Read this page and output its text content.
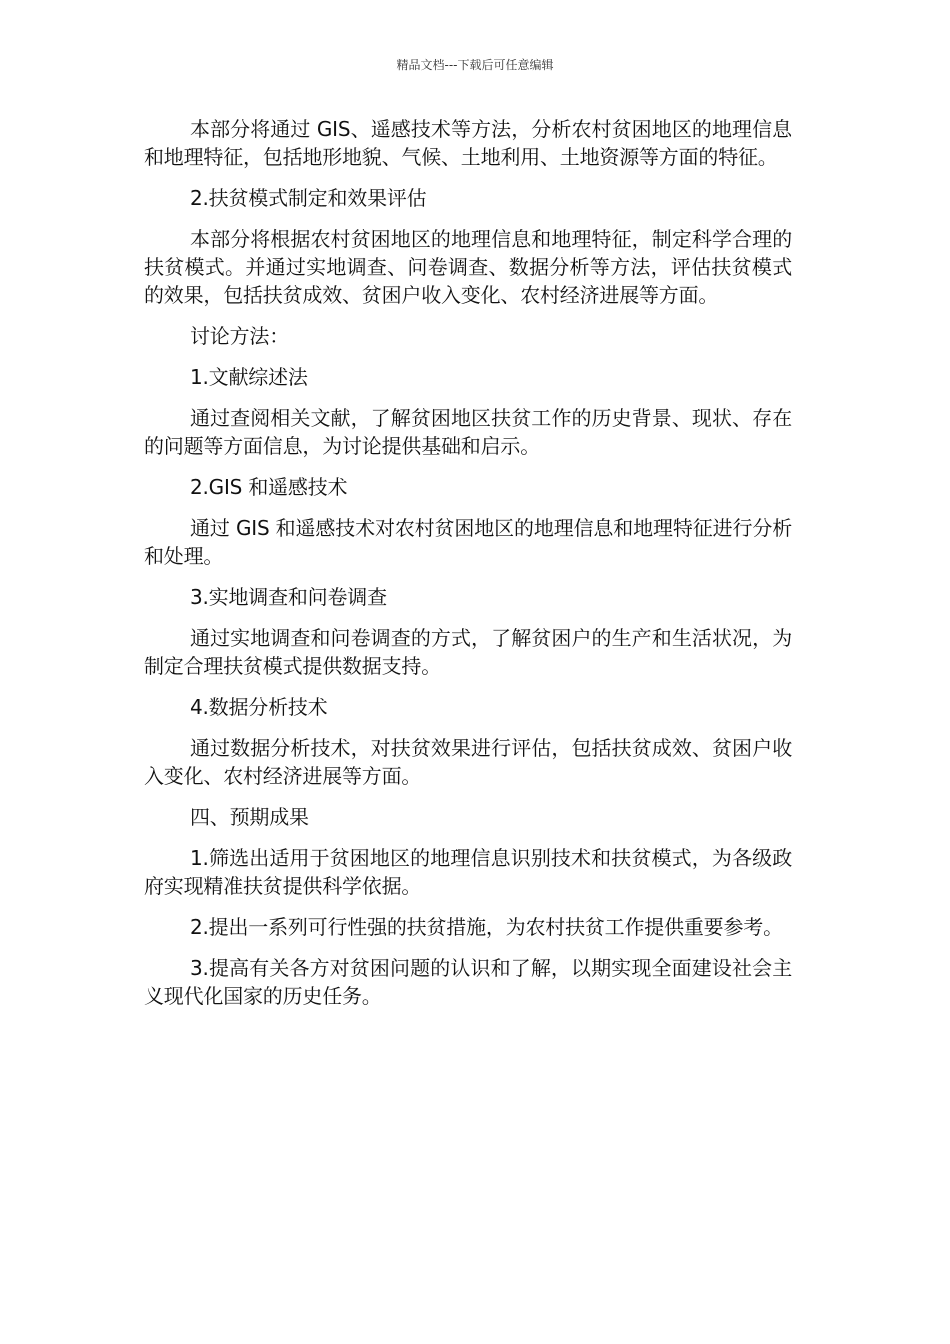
精品文档---下载后可任意编辑

本部分将通过 GIS、遥感技术等方法，分析农村贫困地区的地理信息和地理特征，包括地形地貌、气候、土地利用、土地资源等方面的特征。

2.扶贫模式制定和效果评估

本部分将根据农村贫困地区的地理信息和地理特征，制定科学合理的扶贫模式。并通过实地调查、问卷调查、数据分析等方法，评估扶贫模式的效果，包括扶贫成效、贫困户收入变化、农村经济进展等方面。

讨论方法：

1.文献综述法

通过查阅相关文献，了解贫困地区扶贫工作的历史背景、现状、存在的问题等方面信息，为讨论提供基础和启示。

2.GIS 和遥感技术

通过 GIS 和遥感技术对农村贫困地区的地理信息和地理特征进行分析和处理。

3.实地调查和问卷调查

通过实地调查和问卷调查的方式，了解贫困户的生产和生活状况，为制定合理扶贫模式提供数据支持。

4.数据分析技术

通过数据分析技术，对扶贫效果进行评估，包括扶贫成效、贫困户收入变化、农村经济进展等方面。

四、预期成果

1.筛选出适用于贫困地区的地理信息识别技术和扶贫模式，为各级政府实现精准扶贫提供科学依据。

2.提出一系列可行性强的扶贫措施，为农村扶贫工作提供重要参考。

3.提高有关各方对贫困问题的认识和了解，以期实现全面建设社会主义现代化国家的历史任务。
